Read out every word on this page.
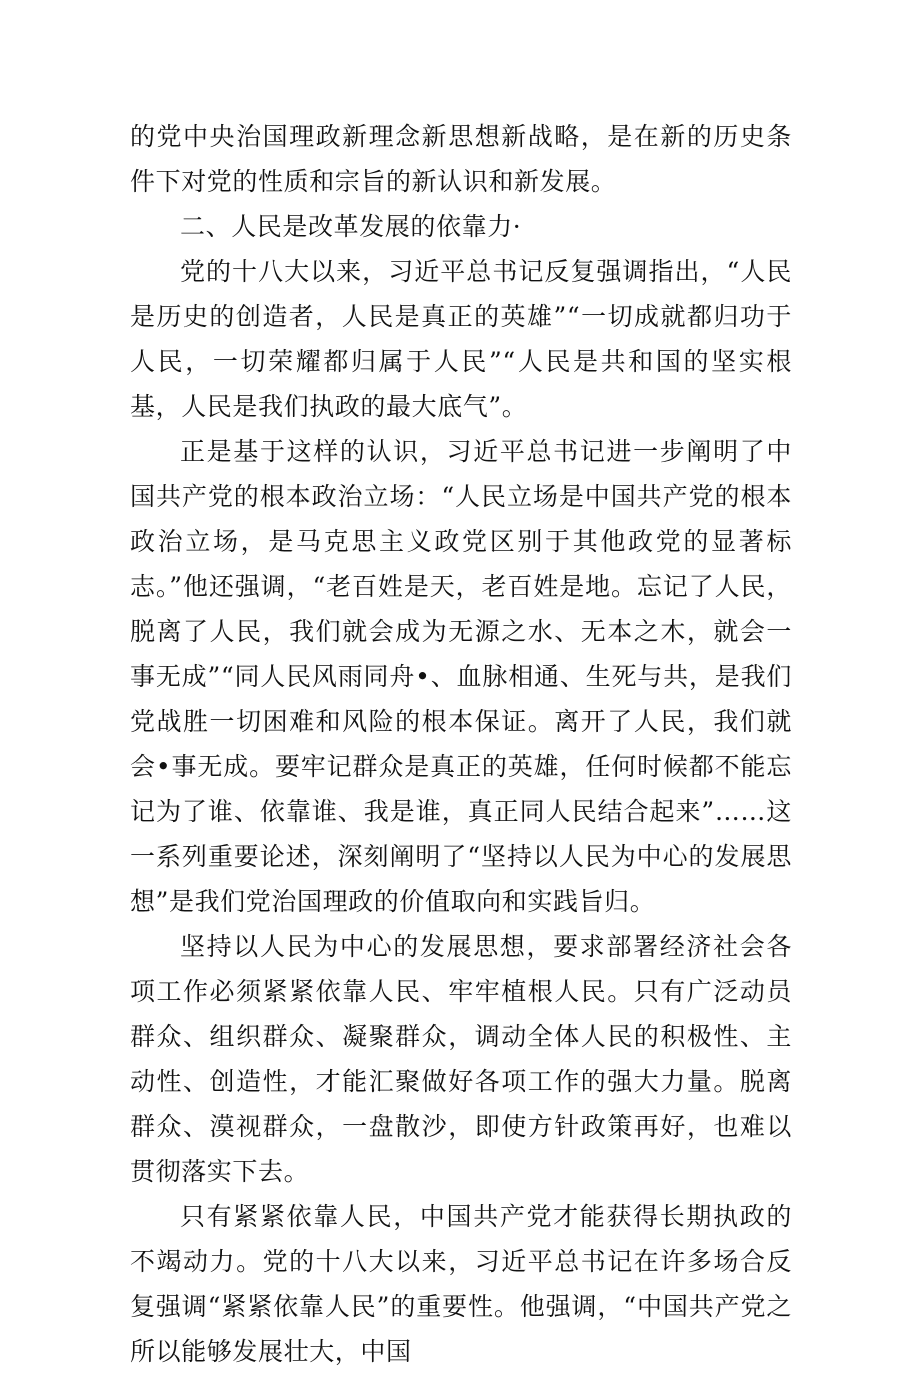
的党中央治国理政新理念新思想新战略，是在新的历史条件下对党的性质和宗旨的新认识和新发展。

二、人民是改革发展的依靠力·

党的十八大以来，习近平总书记反复强调指出，“人民是历史的创造者，人民是真正的英雄”“一切成就都归功于人民，一切荣耀都归属于人民”“人民是共和国的坚实根基，人民是我们执政的最大底气”。

正是基于这样的认识，习近平总书记进一步阐明了中国共产党的根本政治立场：“人民立场是中国共产党的根本政治立场，是马克思主义政党区别于其他政党的显著标志。”他还强调，“老百姓是天，老百姓是地。忘记了人民，脱离了人民，我们就会成为无源之水、无本之木，就会一事无成”“同人民风雨同舟•、血脉相通、生死与共，是我们党战胜一切困难和风险的根本保证。离开了人民，我们就会•事无成。要牢记群众是真正的英雄，任何时候都不能忘记为了谁、依靠谁、我是谁，真正同人民结合起来”……这一系列重要论述，深刻阐明了“坚持以人民为中心的发展思想”是我们党治国理政的价值取向和实践旨归。

坚持以人民为中心的发展思想，要求部署经济社会各项工作必须紧紧依靠人民、牢牢植根人民。只有广泛动员群众、组织群众、凝聚群众，调动全体人民的积极性、主动性、创造性，才能汇聚做好各项工作的强大力量。脱离群众、漠视群众，一盘散沙，即使方针政策再好，也难以贯彻落实下去。

只有紧紧依靠人民，中国共产党才能获得长期执政的不竭动力。党的十八大以来，习近平总书记在许多场合反复强调“紧紧依靠人民”的重要性。他强调，“中国共产党之所以能够发展壮大，中国
